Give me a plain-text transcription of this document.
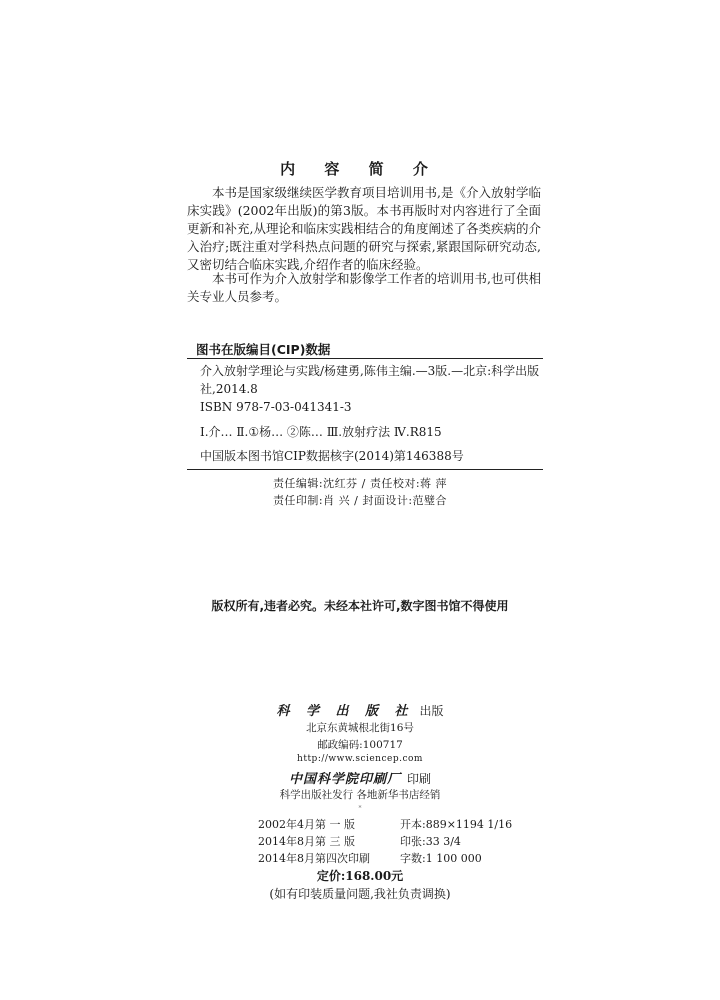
内 容 简 介

本书是国家级继续医学教育项目培训用书,是《介入放射学临床实践》(2002年出版)的第3版。本书再版时对内容进行了全面更新和补充,从理论和临床实践相结合的角度阐述了各类疾病的介入治疗;既注重对学科热点问题的研究与探索,紧跟国际研究动态,又密切结合临床实践,介绍作者的临床经验。

本书可作为介入放射学和影像学工作者的培训用书,也可供相关专业人员参考。

图书在版编目(CIP)数据

介入放射学理论与实践/杨建勇,陈伟主编.—3版.—北京:科学出版社,2014.8

ISBN 978-7-03-041341-3

Ⅰ.介… Ⅱ.①杨… ②陈… Ⅲ.放射疗法 Ⅳ.R815

中国版本图书馆CIP数据核字(2014)第146388号

责任编辑:沈红芬 / 责任校对:蒋 萍
责任印制:肖 兴 / 封面设计:范璧合
版权所有,违者必究。未经本社许可,数字图书馆不得使用
科 学 出 版 社 出版
北京东黄城根北街16号
邮政编码:100717
http://www.sciencep.com
中国科学院印刷厂 印刷
科学出版社发行 各地新华书店经销
*
2002年4月第 一 版	开本:889×1194 1/16
2014年8月第 三 版	印张:33 3/4
2014年8月第四次印刷	字数:1 100 000
定价:168.00元
(如有印装质量问题,我社负责调换)
